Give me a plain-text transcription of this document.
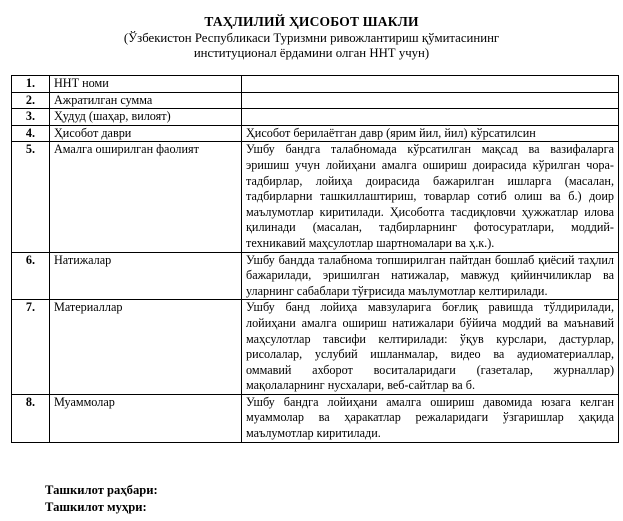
ТАҲЛИЛИЙ ҲИСОБОТ ШАКЛИ
(Ўзбекистон Республикаси Туризмни ривожлантириш қўмитасининг
институционал ёрдамини олган ННТ учун)
1.	ННТ номи	
2.	Ажратилган сумма	
3.	Ҳудуд (шаҳар, вилоят)	
4.	Ҳисобот даври	Ҳисобот берилаётган давр (ярим йил, йил) кўрсатилсин
5.	Амалга оширилган фаолият	Ушбу бандга талабномада кўрсатилган мақсад ва вазифаларга эришиш учун лойиҳани амалга ошириш доирасида кўрилган чора-тадбирлар, лойиҳа доирасида бажарилган ишларга (масалан, тадбирларни ташкиллаштириш, товарлар сотиб олиш ва б.) доир маълумотлар киритилади. Ҳисоботга тасдиқловчи ҳужжатлар илова қилинади (масалан, тадбирларнинг фотосуратлари, моддий-техникавий маҳсулотлар шартномалари ва ҳ.к.).
6.	Натижалар	Ушбу бандда талабнома топширилган пайтдан бошлаб қиёсий таҳлил бажарилади, эришилган натижалар, мавжуд қийинчиликлар ва уларнинг сабаблари тўғрисида маълумотлар келтирилади.
7.	Материаллар	Ушбу банд лойиҳа мавзуларига боғлиқ равишда тўлдирилади, лойиҳани амалга ошириш натижалари бўйича моддий ва маънавий маҳсулотлар тавсифи келтирилади: ўқув курслари, дастурлар, рисолалар, услубий ишланмалар, видео ва аудиоматериаллар, оммавий ахборот воситаларидаги (газеталар, журналлар) мақолаларнинг нусхалари, веб-сайтлар ва б.
8.	Муаммолар	Ушбу бандга лойиҳани амалга ошириш давомида юзага келган муаммолар ва ҳаракатлар режаларидаги ўзгаришлар ҳақида маълумотлар киритилади.
Ташкилот раҳбари:
Ташкилот муҳри:
